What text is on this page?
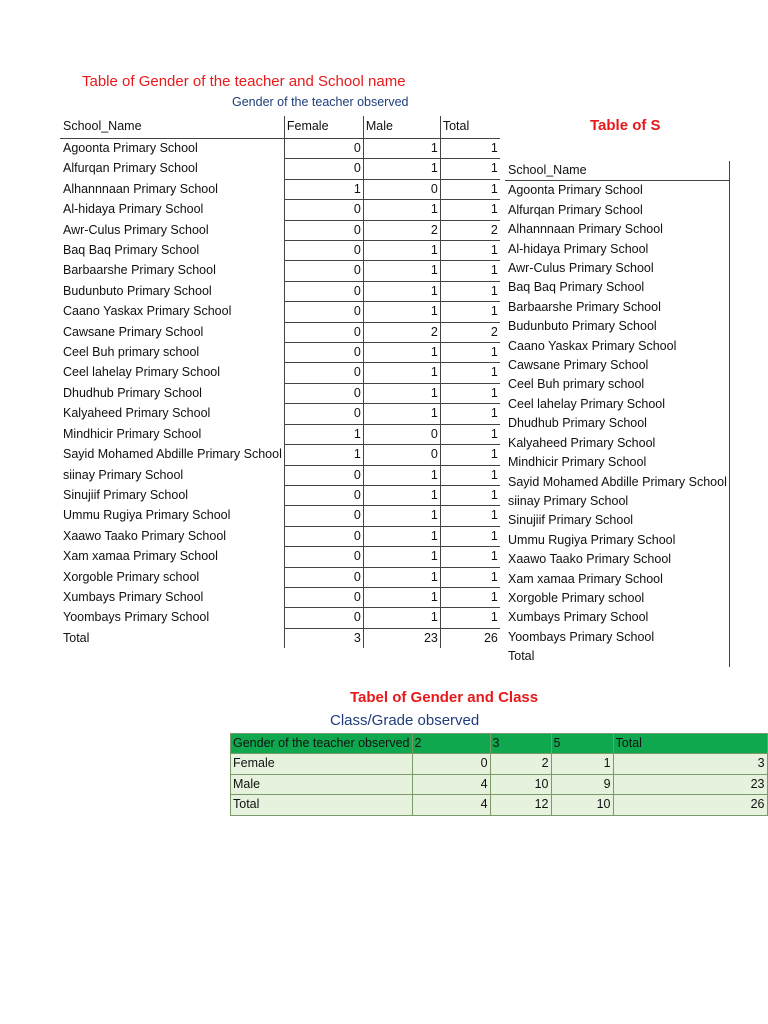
Table of Gender of the teacher and School name
Gender of the teacher observed
School_Name	Female	Male	Total
Agoonta Primary School	0	1	1
Alfurqan Primary School	0	1	1
Alhannnaan Primary School	1	0	1
Al-hidaya Primary School	0	1	1
Awr-Culus Primary School	0	2	2
Baq Baq Primary School	0	1	1
Barbaarshe Primary School	0	1	1
Budunbuto Primary School	0	1	1
Caano Yaskax Primary School	0	1	1
Cawsane Primary School	0	2	2
Ceel Buh primary school	0	1	1
Ceel lahelay Primary School	0	1	1
Dhudhub Primary School	0	1	1
Kalyaheed Primary School	0	1	1
Mindhicir Primary School	1	0	1
Sayid Mohamed Abdille Primary School	1	0	1
siinay Primary School	0	1	1
Sinujiif Primary School	0	1	1
Ummu Rugiya Primary School	0	1	1
Xaawo Taako Primary School	0	1	1
Xam xamaa Primary School	0	1	1
Xorgoble Primary school	0	1	1
Xumbays Primary School	0	1	1
Yoombays Primary School	0	1	1
Total	3	23	26
Table of S
School_Name
Agoonta Primary School
Alfurqan Primary School
Alhannnaan Primary School
Al-hidaya Primary School
Awr-Culus Primary School
Baq Baq Primary School
Barbaarshe Primary School
Budunbuto Primary School
Caano Yaskax Primary School
Cawsane Primary School
Ceel Buh primary school
Ceel lahelay Primary School
Dhudhub Primary School
Kalyaheed Primary School
Mindhicir Primary School
Sayid Mohamed Abdille Primary School
siinay Primary School
Sinujiif Primary School
Ummu Rugiya Primary School
Xaawo Taako Primary School
Xam xamaa Primary School
Xorgoble Primary school
Xumbays Primary School
Yoombays Primary School
Total
Tabel of Gender and Class
Class/Grade observed
Gender of the teacher observed	2	3	5	Total
Female	0	2	1	3
Male	4	10	9	23
Total	4	12	10	26
